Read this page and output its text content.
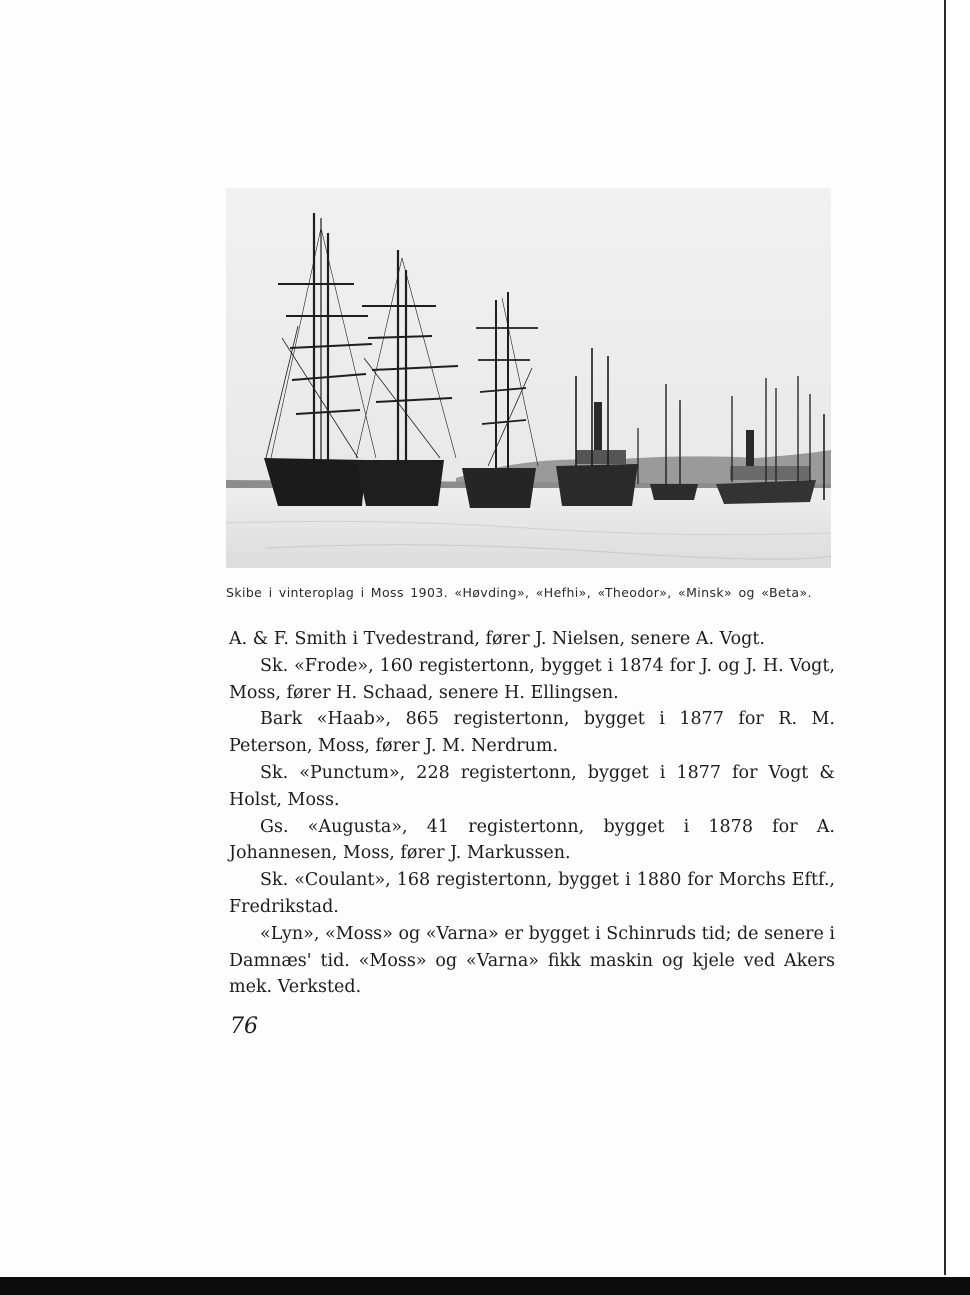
Skibe i vinteroplag i Moss 1903. «Høvding», «Hefhi», «Theodor», «Minsk» og «Beta».

A. & F. Smith i Tvedestrand, fører J. Nielsen, senere A. Vogt.

Sk. «Frode», 160 registertonn, bygget i 1874 for J. og J. H. Vogt, Moss, fører H. Schaad, senere H. Ellingsen.

Bark «Haab», 865 registertonn, bygget i 1877 for R. M. Peterson, Moss, fører J. M. Nerdrum.

Sk. «Punctum», 228 registertonn, bygget i 1877 for Vogt & Holst, Moss.

Gs. «Augusta», 41 registertonn, bygget i 1878 for A. Johannesen, Moss, fører J. Markussen.

Sk. «Coulant», 168 registertonn, bygget i 1880 for Morchs Eftf., Fredrikstad.

«Lyn», «Moss» og «Varna» er bygget i Schinruds tid; de senere i Damnæs' tid. «Moss» og «Varna» fikk maskin og kjele ved Akers mek. Verksted.

76
